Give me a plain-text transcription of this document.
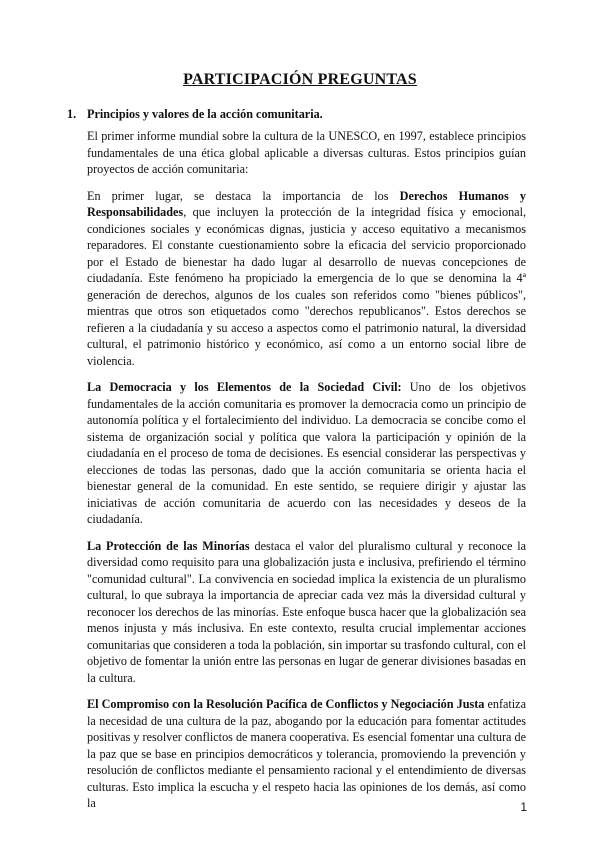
PARTICIPACIÓN PREGUNTAS
1. Principios y valores de la acción comunitaria.

El primer informe mundial sobre la cultura de la UNESCO, en 1997, establece principios fundamentales de una ética global aplicable a diversas culturas. Estos principios guían proyectos de acción comunitaria:

En primer lugar, se destaca la importancia de los Derechos Humanos y Responsabilidades, que incluyen la protección de la integridad física y emocional, condiciones sociales y económicas dignas, justicia y acceso equitativo a mecanismos reparadores. El constante cuestionamiento sobre la eficacia del servicio proporcionado por el Estado de bienestar ha dado lugar al desarrollo de nuevas concepciones de ciudadanía. Este fenómeno ha propiciado la emergencia de lo que se denomina la 4ª generación de derechos, algunos de los cuales son referidos como "bienes públicos", mientras que otros son etiquetados como "derechos republicanos". Estos derechos se refieren a la ciudadanía y su acceso a aspectos como el patrimonio natural, la diversidad cultural, el patrimonio histórico y económico, así como a un entorno social libre de violencia.

La Democracia y los Elementos de la Sociedad Civil: Uno de los objetivos fundamentales de la acción comunitaria es promover la democracia como un principio de autonomía política y el fortalecimiento del individuo. La democracia se concibe como el sistema de organización social y política que valora la participación y opinión de la ciudadanía en el proceso de toma de decisiones. Es esencial considerar las perspectivas y elecciones de todas las personas, dado que la acción comunitaria se orienta hacia el bienestar general de la comunidad. En este sentido, se requiere dirigir y ajustar las iniciativas de acción comunitaria de acuerdo con las necesidades y deseos de la ciudadanía.

La Protección de las Minorías destaca el valor del pluralismo cultural y reconoce la diversidad como requisito para una globalización justa e inclusiva, prefiriendo el término "comunidad cultural". La convivencia en sociedad implica la existencia de un pluralismo cultural, lo que subraya la importancia de apreciar cada vez más la diversidad cultural y reconocer los derechos de las minorías. Este enfoque busca hacer que la globalización sea menos injusta y más inclusiva. En este contexto, resulta crucial implementar acciones comunitarias que consideren a toda la población, sin importar su trasfondo cultural, con el objetivo de fomentar la unión entre las personas en lugar de generar divisiones basadas en la cultura.

El Compromiso con la Resolución Pacífica de Conflictos y Negociación Justa enfatiza la necesidad de una cultura de la paz, abogando por la educación para fomentar actitudes positivas y resolver conflictos de manera cooperativa. Es esencial fomentar una cultura de la paz que se base en principios democráticos y tolerancia, promoviendo la prevención y resolución de conflictos mediante el pensamiento racional y el entendimiento de diversas culturas. Esto implica la escucha y el respeto hacia las opiniones de los demás, así como la	1
